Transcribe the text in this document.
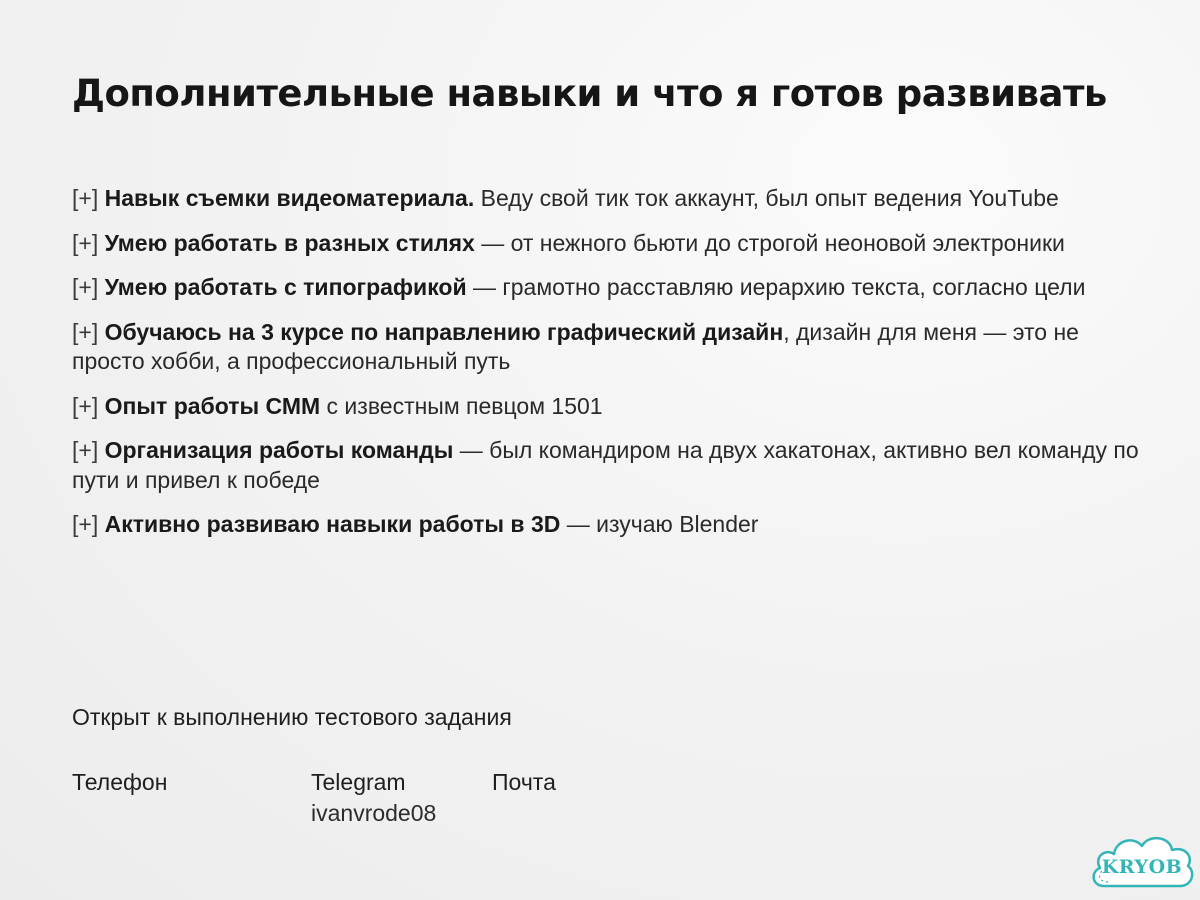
Дополнительные навыки и что я готов развивать
[+] Навык съемки видеоматериала. Веду свой тик ток аккаунт, был опыт ведения YouTube
[+] Умею работать в разных стилях — от нежного бьюти до строгой неоновой электроники
[+] Умею работать с типографикой — грамотно расставляю иерархию текста, согласно цели
[+] Обучаюсь на 3 курсе по направлению графический дизайн, дизайн для меня — это не просто хобби, а профессиональный путь
[+] Опыт работы СММ с известным певцом 1501
[+] Организация работы команды — был командиром на двух хакатонах, активно вел команду по пути и привел к победе
[+] Активно развиваю навыки работы в 3D — изучаю Blender
Открыт к выполнению тестового задания
Телефон	Telegram
ivanvrode08
Почта
KRYOB
